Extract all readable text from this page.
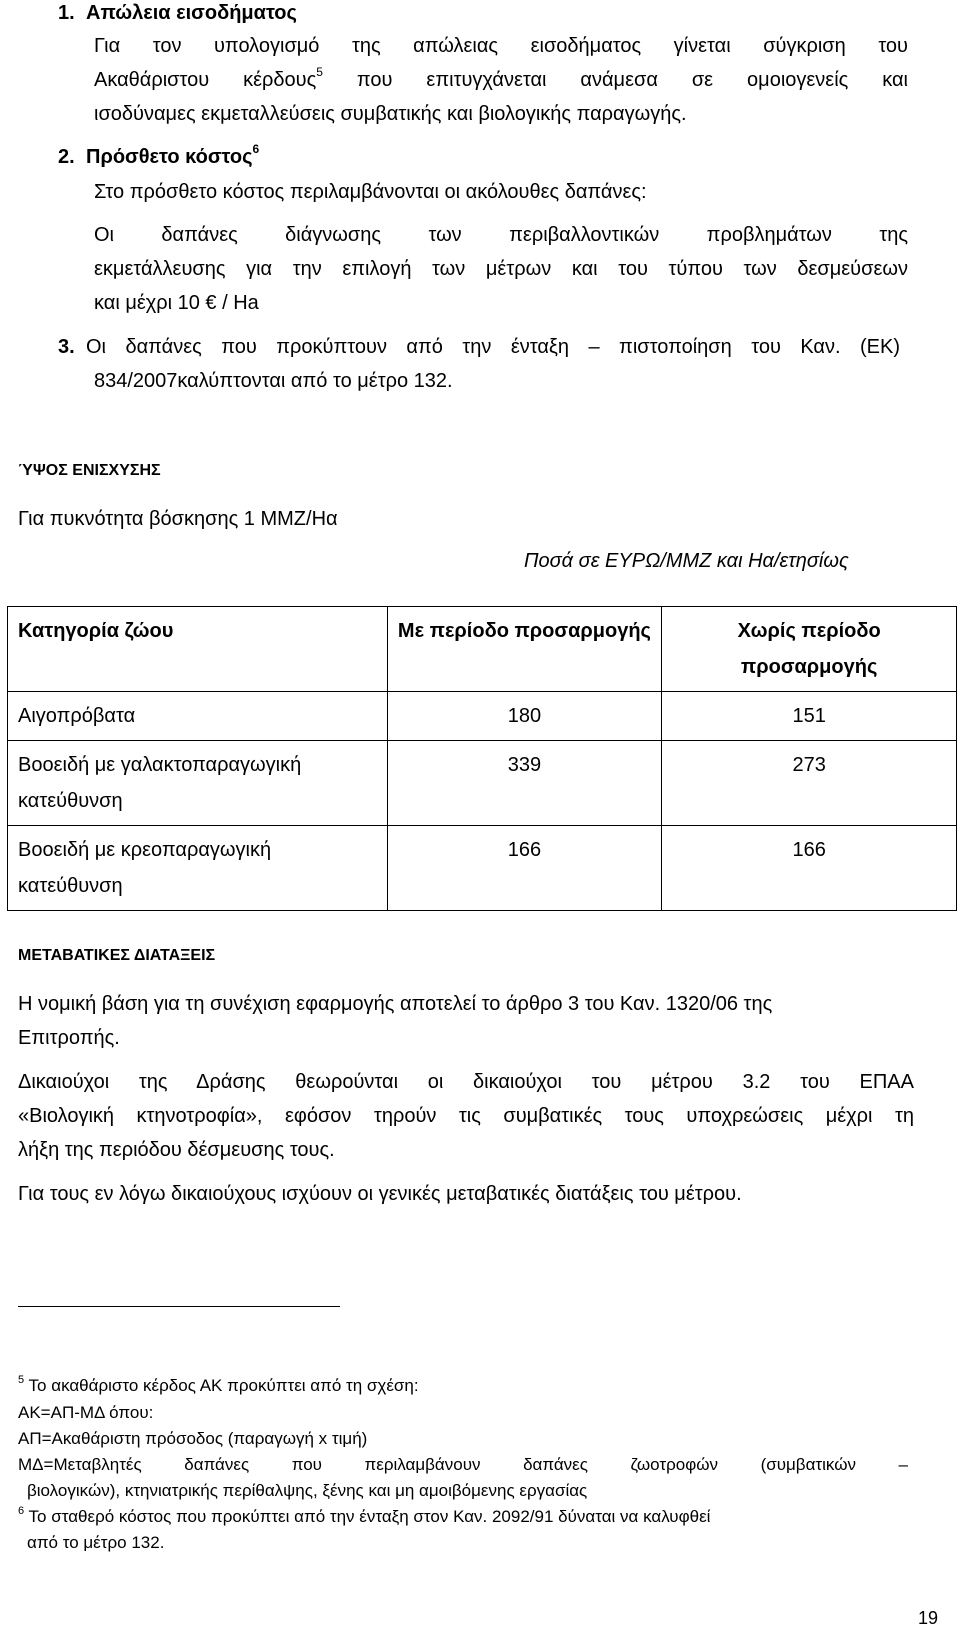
1. Απώλεια εισοδήματος
Για τον υπολογισμό της απώλειας εισοδήματος γίνεται σύγκριση του
Ακαθάριστου κέρδους$^5$ που επιτυγχάνεται ανάμεσα σε ομοιογενείς και
ισοδύναμες εκμεταλλεύσεις συμβατικής και βιολογικής παραγωγής.
2. Πρόσθετο κόστος$^6$
Στο πρόσθετο κόστος περιλαμβάνονται οι ακόλουθες δαπάνες:
Οι δαπάνες διάγνωσης των περιβαλλοντικών προβλημάτων της
εκμετάλλευσης για την επιλογή των μέτρων και του τύπου των δεσμεύσεων
και μέχρι 10 € / Ηa
3. Οι δαπάνες που προκύπτουν από την ένταξη – πιστοποίηση του Καν. (ΕΚ)
834/2007καλύπτονται από το μέτρο 132.
ΎΨΟΣ ΕΝΙΣΧΥΣΗΣ
Για πυκνότητα βόσκησης 1 ΜΜΖ/Ηα
Ποσά σε ΕΥΡΩ/ΜΜΖ και Ηα/ετησίως
Κατηγορία ζώου	Με περίοδο προσαρμογής	Χωρίς περίοδο προσαρμογής
Αιγοπρόβατα	180	151
Βοοειδή με γαλακτοπαραγωγική κατεύθυνση	339	273
Βοοειδή με κρεοπαραγωγική κατεύθυνση	166	166
ΜΕΤΑΒΑΤΙΚΕΣ ΔΙΑΤΑΞΕΙΣ
Η νομική βάση για τη συνέχιση εφαρμογής αποτελεί το άρθρο 3 του Καν. 1320/06 της
Επιτροπής.
Δικαιούχοι της Δράσης θεωρούνται οι δικαιούχοι του μέτρου 3.2 του ΕΠΑΑ
«Βιολογική κτηνοτροφία», εφόσον τηρούν τις συμβατικές τους υποχρεώσεις μέχρι τη
λήξη της περιόδου δέσμευσης τους.
Για τους εν λόγω δικαιούχους ισχύουν οι γενικές μεταβατικές διατάξεις του μέτρου.
$^5$ Το ακαθάριστο κέρδος ΑΚ προκύπτει από τη σχέση:
ΑΚ=ΑΠ-ΜΔ όπου:
ΑΠ=Ακαθάριστη πρόσοδος (παραγωγή x τιμή)
ΜΔ=Μεταβλητές δαπάνες που περιλαμβάνουν δαπάνες ζωοτροφών (συμβατικών –
βιολογικών), κτηνιατρικής περίθαλψης, ξένης και μη αμοιβόμενης εργασίας
$^6$ Το σταθερό κόστος που προκύπτει από την ένταξη στον Καν. 2092/91 δύναται να καλυφθεί
από το μέτρο 132.
19
